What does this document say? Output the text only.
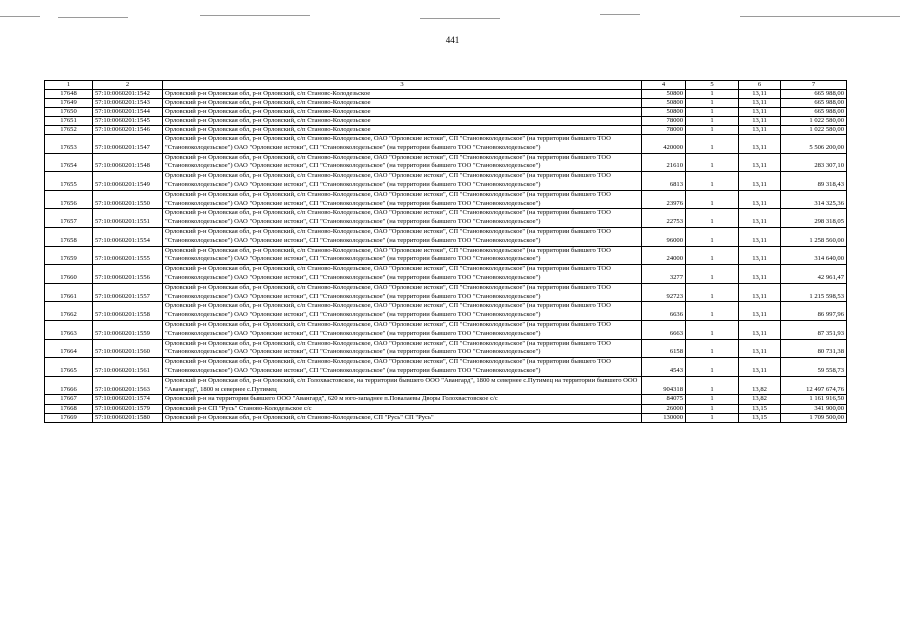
441
1	2	3	4	5	6	7
17648	57:10:0060201:1542	Орловский р-н Орловская обл, р-н Орловский, с/п Становс-Колодезьское	50800	1	13,11	665 988,00
17649	57:10:0060201:1543	Орловский р-н Орловская обл, р-н Орловский, с/п Станово-Колодезьское	50800	1	13,11	665 988,00
17650	57:10:0060201:1544	Орловский р-н Орловская обл, р-н Орловский, с/п Станово-Колодезьское	50800	1	13,11	665 988,00
17651	57:10:0060201:1545	Орловский р-н Орловская обл, р-н Орловский, с/п Станово-Колодезьское	78000	1	13,11	1 022 580,00
17652	57:10:0060201:1546	Орловский р-н Орловская обл, р-н Орловский, с/п Станово-Колодезьское	78000	1	13,11	1 022 580,00
17653	57:10:0060201:1547	Орловский р-н Орловская обл, р-н Орловский, с/п Станово-Колодезьское, ОАО "Орловские истоки", СП "Становоколодезьское" (на территории бывшего ТОО "Становоколодезьское") ОАО "Орловские истоки", СП "Становоколодезьское" (на территории бывшего ТОО "Становоколодезьское")	420000	1	13,11	5 506 200,00
17654	57:10:0060201:1548	Орловский р-н Орловская обл, р-н Орловский, с/п Станово-Колодезьское, ОАО "Орловские истоки", СП "Становоколодезьское" (на территории бывшего ТОО "Становоколодезьское") ОАО "Орловские истоки", СП "Становоколодезьское" (на территории бывшего ТОО "Становоколодезьское")	21610	1	13,11	283 307,10
17655	57:10:0060201:1549	Орловский р-н Орловская обл, р-н Орловский, с/п Станово-Колодезьское, ОАО "Орловские истоки", СП "Становоколодезьское" (на территории бывшего ТОО "Становоколодезьское") ОАО "Орловские истоки", СП "Становоколодезьское" (на территории бывшего ТОО "Становоколодезьское")	6813	1	13,11	89 318,43
17656	57:10:0060201:1550	Орловский р-н Орловская обл, р-н Орловский, с/п Станово-Колодезьское, ОАО "Орловские истоки", СП "Становоколодезьское" (на территории бывшего ТОО "Становоколодезьское") ОАО "Орловские истоки", СП "Становоколодезьское" (на территории бывшего ТОО "Становоколодезьское")	23976	1	13,11	314 325,36
17657	57:10:0060201:1551	Орловский р-н Орловская обл, р-н Орловский, с/п Станово-Колодезьское, ОАО "Орловские истоки", СП "Становоколодезьское" (на территории бывшего ТОО "Становоколодезьское") ОАО "Орловские истоки", СП "Становоколодезьское" (на территории бывшего ТОО "Становоколодезьское")	22753	1	13,11	298 318,05
17658	57:10:0060201:1554	Орловский р-н Орловская обл, р-н Орловский, с/п Станово-Колодезьское, ОАО "Орловские истоки", СП "Становоколодезьское" (на территории бывшего ТОО "Становоколодезьское") ОАО "Орловские истоки", СП "Становоколодезьское" (на территории бывшего ТОО "Становоколодезьское")	96000	1	13,11	1 258 560,00
17659	57:10:0060201:1555	Орловский р-н Орловская обл, р-н Орловский, с/п Станово-Колодезьское, ОАО "Орловские истоки", СП "Становоколодезьское" (на территории бывшего ТОО "Становоколодезьское") ОАО "Орловские истоки", СП "Становоколодезьское" (на территории бывшего ТОО "Становоколодезьское")	24000	1	13,11	314 640,00
17660	57:10:0060201:1556	Орловский р-н Орловская обл, р-н Орловский, с/п Станово-Колодезьское, ОАО "Орловские истоки", СП "Становоколодезьское" (на территории бывшего ТОО "Становоколодезьское") ОАО "Орловские истоки", СП "Становоколодезьское" (на территории бывшего ТОО "Становоколодезьское")	3277	1	13,11	42 961,47
17661	57:10:0060201:1557	Орловский р-н Орловская обл, р-н Орловский, с/п Станово-Колодезьское, ОАО "Орловские истоки", СП "Становоколодезьское" (на территории бывшего ТОО "Становоколодезьское") ОАО "Орловские истоки", СП "Становоколодезьское" (на территории бывшего ТОО "Становоколодезьское")	92723	1	13,11	1 215 598,53
17662	57:10:0060201:1558	Орловский р-н Орловская обл, р-н Орловский, с/п Станово-Колодезьское, ОАО "Орловские истоки", СП "Становоколодезьское" (на территории бывшего ТОО "Становоколодезьское") ОАО "Орловские истоки", СП "Становоколодезьское" (на территории бывшего ТОО "Становоколодезьское")	6636	1	13,11	86 997,96
17663	57:10:0060201:1559	Орловский р-н Орловская обл, р-н Орловский, с/п Станово-Колодезьское, ОАО "Орловские истоки", СП "Становоколодезьское" (на территории бывшего ТОО "Становоколодезьское") ОАО "Орловские истоки", СП "Становоколодезьское" (на территории бывшего ТОО "Становоколодезьское")	6663	1	13,11	87 351,93
17664	57:10:0060201:1560	Орловский р-н Орловская обл, р-н Орловский, с/п Станово-Колодезьское, ОАО "Орловские истоки", СП "Становоколодезьское" (на территории бывшего ТОО "Становоколодезьское") ОАО "Орловские истоки", СП "Становоколодезьское" (на территории бывшего ТОО "Становоколодезьское")	6158	1	13,11	80 731,38
17665	57:10:0060201:1561	Орловский р-н Орловская обл, р-н Орловский, с/п Станово-Колодезьское, ОАО "Орловские истоки", СП "Становоколодезьское" (на территории бывшего ТОО "Становоколодезьское") ОАО "Орловские истоки", СП "Становоколодезьское" (на территории бывшего ТОО "Становоколодезьское")	4543	1	13,11	59 558,73
17666	57:10:0060201:1563	Орловский р-н Орловская обл, р-н Орловский, с/п Голохвастовское, на территории бывшего ООО "Авангард", 1800 м севернее с.Путимец на территории бывшего ООО "Авангард", 1800 м севернее с.Путимец	904318	1	13,82	12 497 674,76
17667	57:10:0060201:1574	Орловский р-н на территории бывшего ООО "Авангард", 620 м юго-западнее п.Повалаевы Дворы Голохвастовское с/с	84075	1	13,82	1 161 916,50
17668	57:10:0060201:1579	Орловский р-н СП "Русь" Станово-Колодезьское с/с	26000	1	13,15	341 900,00
17669	57:10:0060201:1580	Орловский р-н Орловская обл, р-н Орловский, с/п Станово-Колодезьское, СП "Русь" СП "Русь"	130000	1	13,15	1 709 500,00
